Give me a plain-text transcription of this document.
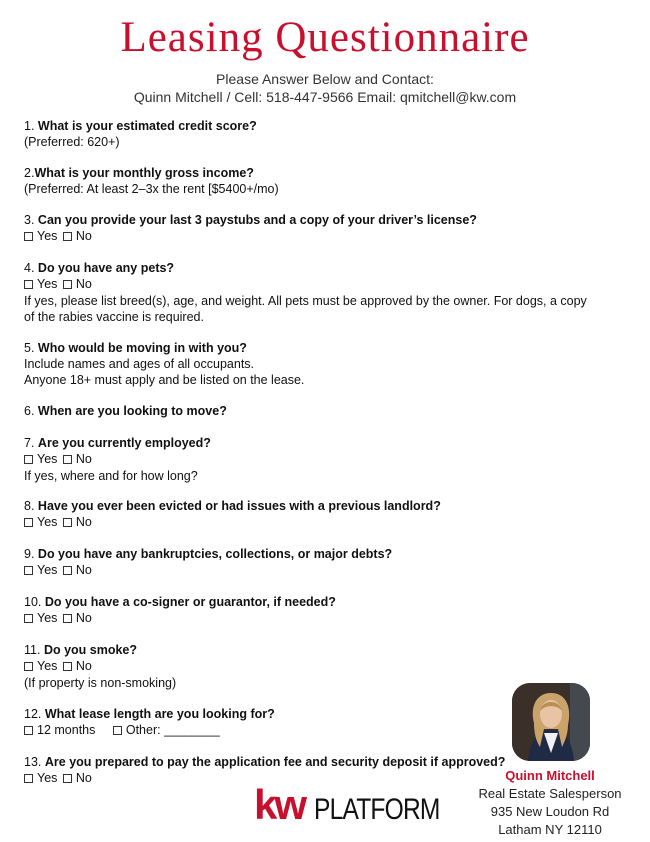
Leasing Questionnaire
Please Answer Below and Contact:
Quinn Mitchell / Cell: 518-447-9566 Email: qmitchell@kw.com
1. What is your estimated credit score?
(Preferred: 620+)
2.What is your monthly gross income?
(Preferred: At least 2–3x the rent [$5400+/mo)
3. Can you provide your last 3 paystubs and a copy of your driver’s license?
Yes
No
4. Do you have any pets?
Yes
No
If yes, please list breed(s), age, and weight. All pets must be approved by the owner. For dogs, a copy of the rabies vaccine is required.
5. Who would be moving in with you?
Include names and ages of all occupants.
Anyone 18+ must apply and be listed on the lease.
6. When are you looking to move?
7. Are you currently employed?
Yes
No
If yes, where and for how long?
8. Have you ever been evicted or had issues with a previous landlord?
Yes
No
9. Do you have any bankruptcies, collections, or major debts?
Yes
No
10. Do you have a co-signer or guarantor, if needed?
Yes
No
11. Do you smoke?
Yes
No
(If property is non-smoking)
12. What lease length are you looking for?
12 months
Other: ________
13. Are you prepared to pay the application fee and security deposit if approved?
Yes
No	Quinn Mitchell
Real Estate Salesperson
935 New Loudon Rd
Latham NY 12110
kw PLATFORM
